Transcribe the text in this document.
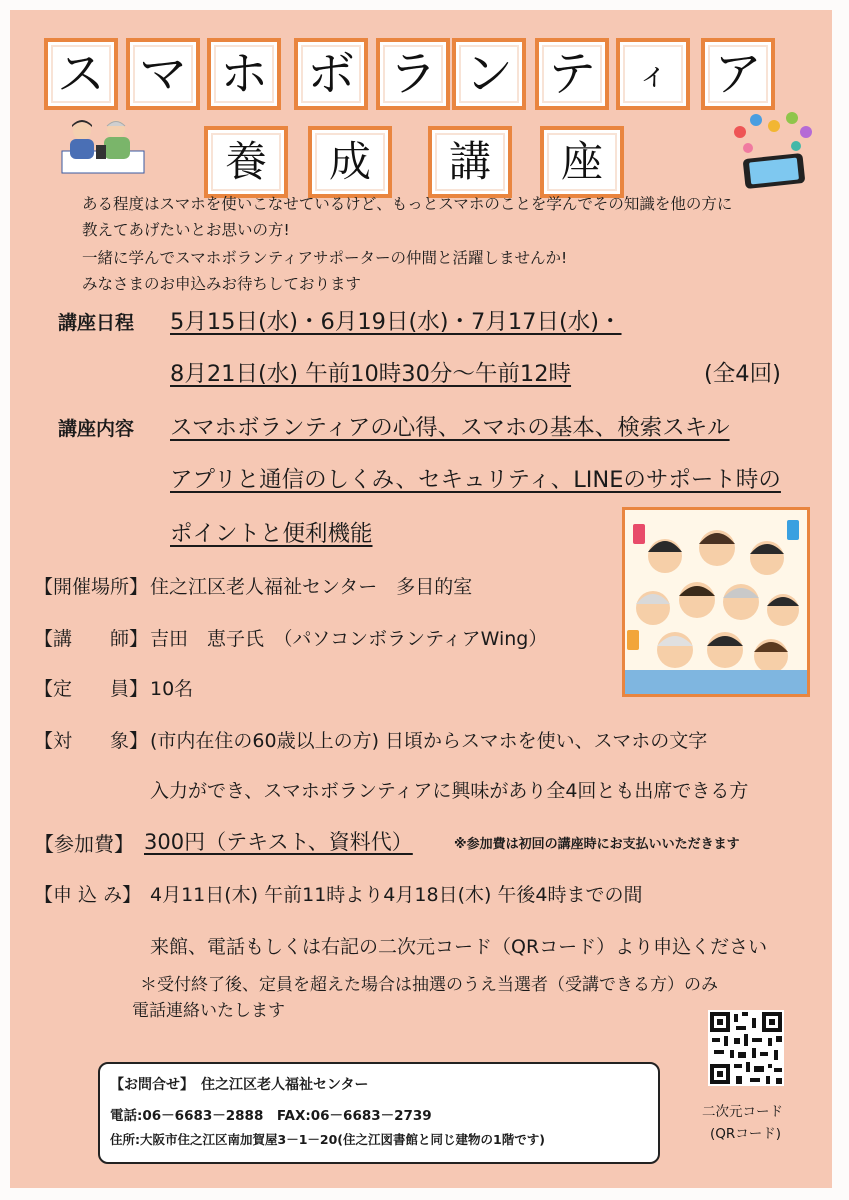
ス マ ホ ボ ラ ン テ ィ ア
養 成 講 座
ある程度はスマホを使いこなせているけど、もっとスマホのことを学んでその知識を他の方に
教えてあげたいとお思いの方!
一緒に学んでスマホボランティアサポーターの仲間と活躍しませんか!
みなさまのお申込みお待ちしております
講座日程 5月15日(水)・6月19日(水)・7月17日(水)・
8月21日(水) 午前10時30分～午前12時	(全4回)
講座内容 スマホボランティアの心得、スマホの基本、検索スキル
アプリと通信のしくみ、セキュリティ、LINEのサポート時の
ポイントと便利機能
【開催場所】 住之江区老人福祉センター　多目的室
【講　　師】 吉田　恵子氏　（パソコンボランティアWing）
【定　　員】 10名
【対　　象】 (市内在住の60歳以上の方) 日頃からスマホを使い、スマホの文字
入力ができ、スマホボランティアに興味があり全4回とも出席できる方
【参加費】 300円（テキスト、資料代）	※参加費は初回の講座時にお支払いいただきます
【申 込 み】 4月11日(木) 午前11時より4月18日(木) 午後4時までの間
来館、電話もしくは右記の二次元コード（QRコード）より申込ください
＊受付終了後、定員を超えた場合は抽選のうえ当選者（受講できる方）のみ
電話連絡いたします
二次元コード
(QRコード)
【お問合せ】　住之江区老人福祉センター
電話:06－6683－2888　FAX:06－6683－2739
住所:大阪市住之江区南加賀屋3－1－20(住之江図書館と同じ建物の1階です)
